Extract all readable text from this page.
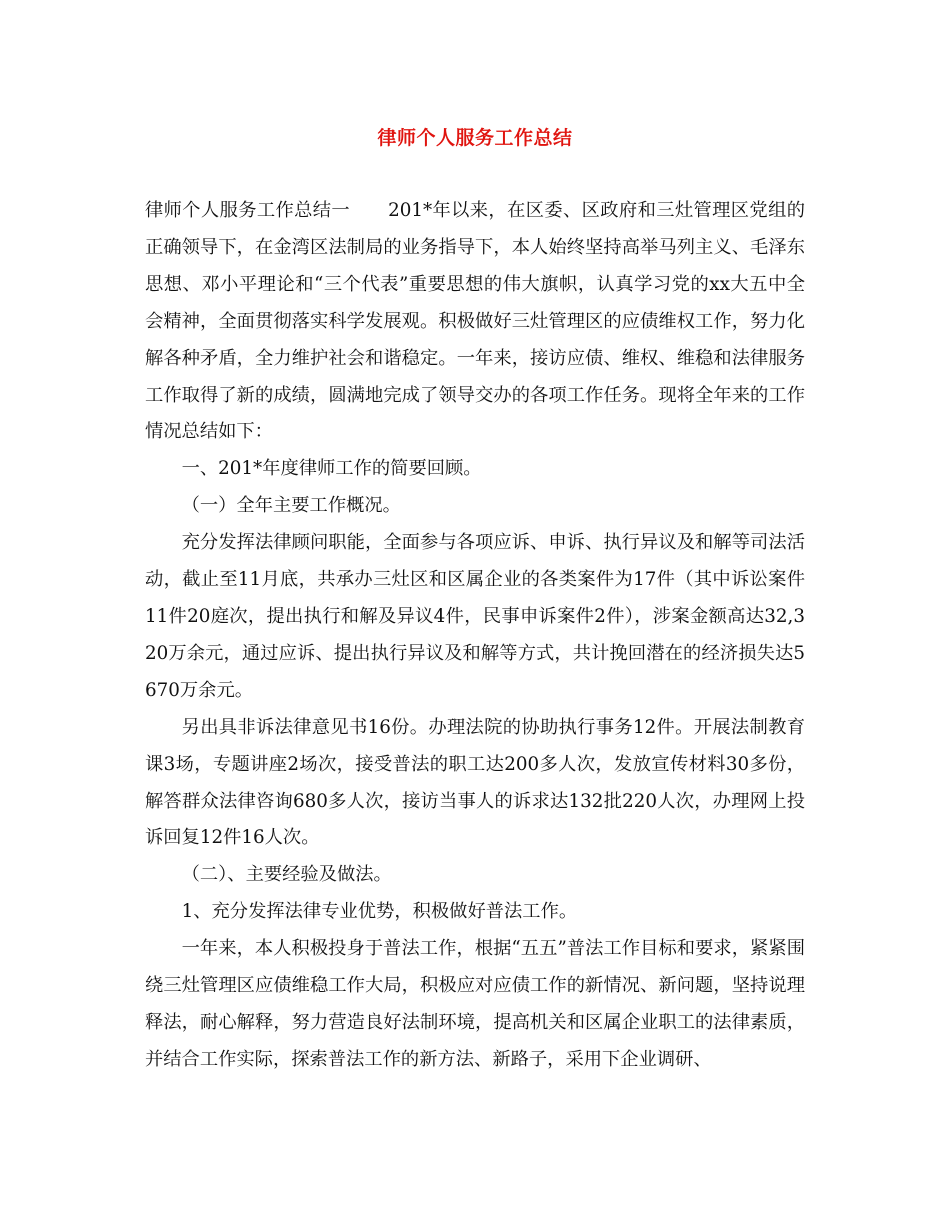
律师个人服务工作总结

律师个人服务工作总结一 201*年以来，在区委、区政府和三灶管理区党组的正确领导下，在金湾区法制局的业务指导下，本人始终坚持高举马列主义、毛泽东思想、邓小平理论和“三个代表”重要思想的伟大旗帜，认真学习党的xx大五中全会精神，全面贯彻落实科学发展观。积极做好三灶管理区的应债维权工作，努力化解各种矛盾，全力维护社会和谐稳定。一年来，接访应债、维权、维稳和法律服务工作取得了新的成绩，圆满地完成了领导交办的各项工作任务。现将全年来的工作情况总结如下：

一、201*年度律师工作的简要回顾。

（一）全年主要工作概况。

充分发挥法律顾问职能，全面参与各项应诉、申诉、执行异议及和解等司法活动，截止至11月底，共承办三灶区和区属企业的各类案件为17件（其中诉讼案件11件20庭次，提出执行和解及异议4件，民事申诉案件2件），涉案金额高达32,320万余元，通过应诉、提出执行异议及和解等方式，共计挽回潜在的经济损失达5670万余元。

另出具非诉法律意见书16份。办理法院的协助执行事务12件。开展法制教育课3场，专题讲座2场次，接受普法的职工达200多人次，发放宣传材料30多份，解答群众法律咨询680多人次，接访当事人的诉求达132批220人次，办理网上投诉回复12件16人次。

（二）、主要经验及做法。

1、充分发挥法律专业优势，积极做好普法工作。

一年来，本人积极投身于普法工作，根据“五五”普法工作目标和要求，紧紧围绕三灶管理区应债维稳工作大局，积极应对应债工作的新情况、新问题，坚持说理释法，耐心解释，努力营造良好法制环境，提高机关和区属企业职工的法律素质，并结合工作实际，探索普法工作的新方法、新路子，采用下企业调研、
